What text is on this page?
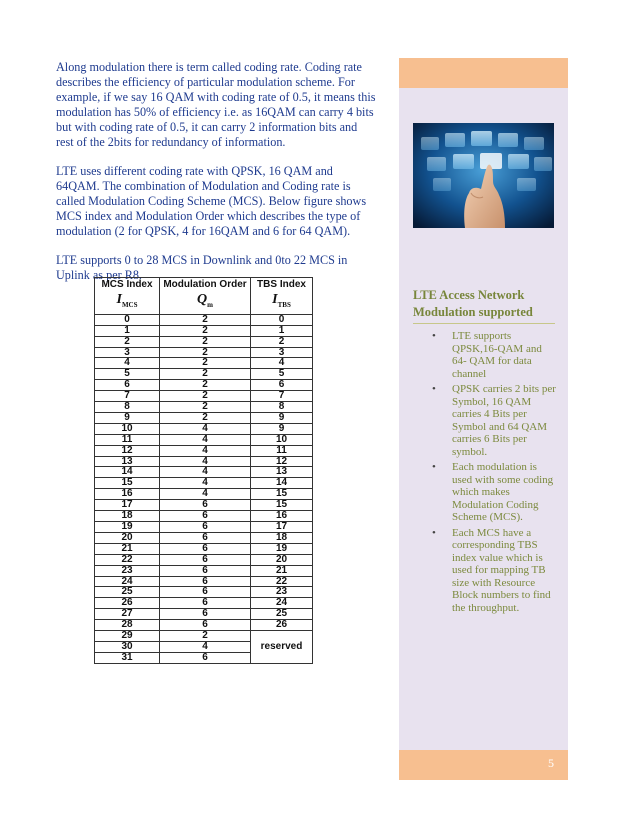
Along modulation there is term called coding rate. Coding rate describes the efficiency of particular modulation scheme. For example, if we say 16 QAM with coding rate of 0.5, it means this modulation has 50% of efficiency i.e. as 16QAM can carry 4 bits but with coding rate of 0.5, it can carry 2 information bits and rest of the 2bits for redundancy of information.

LTE uses different coding rate with QPSK, 16 QAM and 64QAM. The combination of Modulation and Coding rate is called Modulation Coding Scheme (MCS). Below figure shows MCS index and Modulation Order which describes the type of modulation (2 for QPSK, 4 for 16QAM and 6 for 64 QAM).

LTE supports 0 to 28 MCS in Downlink and 0to 22 MCS in Uplink as per R8.

MCS Index	Modulation Order	TBS Index
$I_{MCS}$	$Q_m$	$I_{TBS}$
0	2	0
1	2	1
2	2	2
3	2	3
4	2	4
5	2	5
6	2	6
7	2	7
8	2	8
9	2	9
10	4	9
11	4	10
12	4	11
13	4	12
14	4	13
15	4	14
16	4	15
17	6	15
18	6	16
19	6	17
20	6	18
21	6	19
22	6	20
23	6	21
24	6	22
25	6	23
26	6	24
27	6	25
28	6	26
29	2	reserved
30	4	
31	6	
5
LTE Access Network Modulation supported
• LTE supports QPSK,16-QAM and 64- QAM for data channel
• QPSK carries 2 bits per Symbol, 16 QAM carries 4 Bits per Symbol and 64 QAM carries 6 Bits per symbol.
• Each modulation is used with some coding which makes Modulation Coding Scheme (MCS).
• Each MCS have a corresponding TBS index value which is used for mapping TB size with Resource Block numbers to find the throughput.
